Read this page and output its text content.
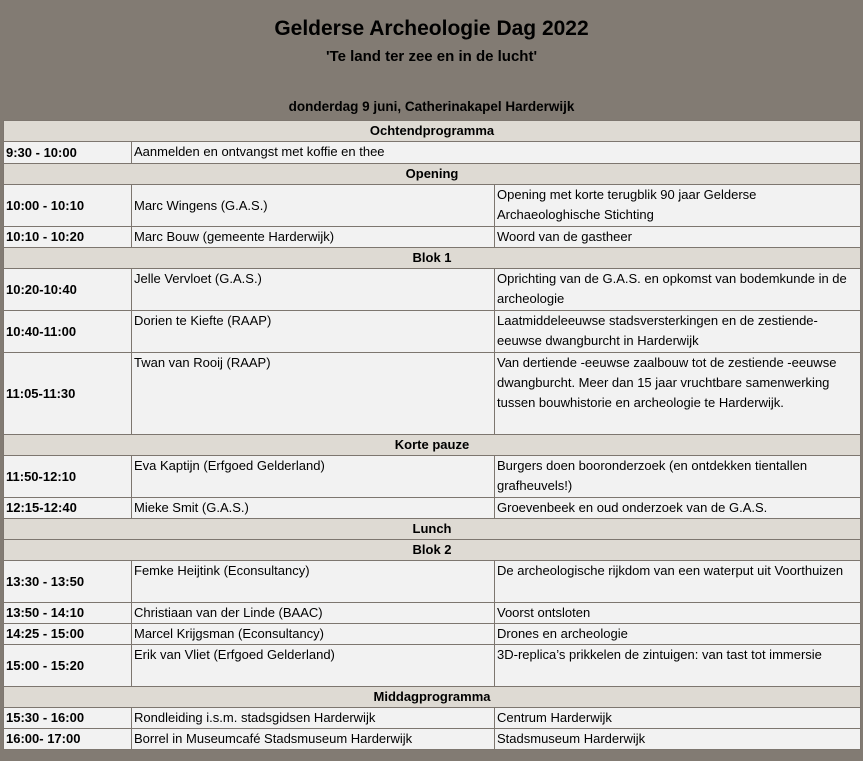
Gelderse Archeologie Dag 2022
'Te land ter zee en in de lucht'
donderdag 9 juni, Catherinakapel Harderwijk
Ochtendprogramma		
9:30 - 10:00	Aanmelden en ontvangst met koffie en thee	
Opening		
10:00 - 10:10	Marc Wingens (G.A.S.)	Opening met korte terugblik 90 jaar Gelderse Archaeologhische Stichting
10:10 - 10:20	Marc Bouw (gemeente Harderwijk)	Woord van de gastheer
Blok 1		
10:20-10:40	Jelle Vervloet (G.A.S.)	Oprichting van de G.A.S. en opkomst van bodemkunde in de archeologie
10:40-11:00	Dorien te Kiefte (RAAP)	Laatmiddeleeuwse stadsversterkingen en de zestiende-eeuwse dwangburcht in Harderwijk
11:05-11:30	Twan van Rooij (RAAP)	Van dertiende -eeuwse zaalbouw tot de zestiende -eeuwse dwangburcht. Meer dan 15 jaar vruchtbare samenwerking tussen bouwhistorie en archeologie te Harderwijk.
Korte pauze		
11:50-12:10	Eva Kaptijn (Erfgoed Gelderland)	Burgers doen booronderzoek (en ontdekken tientallen grafheuvels!)
12:15-12:40	Mieke Smit (G.A.S.)	Groevenbeek en oud onderzoek van de G.A.S.
Lunch		
Blok 2		
13:30 - 13:50	Femke Heijtink (Econsultancy)	De archeologische rijkdom van een waterput uit Voorthuizen
13:50 - 14:10	Christiaan van der Linde (BAAC)	Voorst ontsloten
14:25 - 15:00	Marcel Krijgsman (Econsultancy)	Drones en archeologie
15:00 - 15:20	Erik van Vliet (Erfgoed Gelderland)	3D-replica’s prikkelen de zintuigen: van tast tot immersie
Middagprogramma		
15:30 - 16:00	Rondleiding i.s.m. stadsgidsen Harderwijk	Centrum Harderwijk
16:00- 17:00	Borrel in Museumcafé Stadsmuseum Harderwijk	Stadsmuseum Harderwijk
